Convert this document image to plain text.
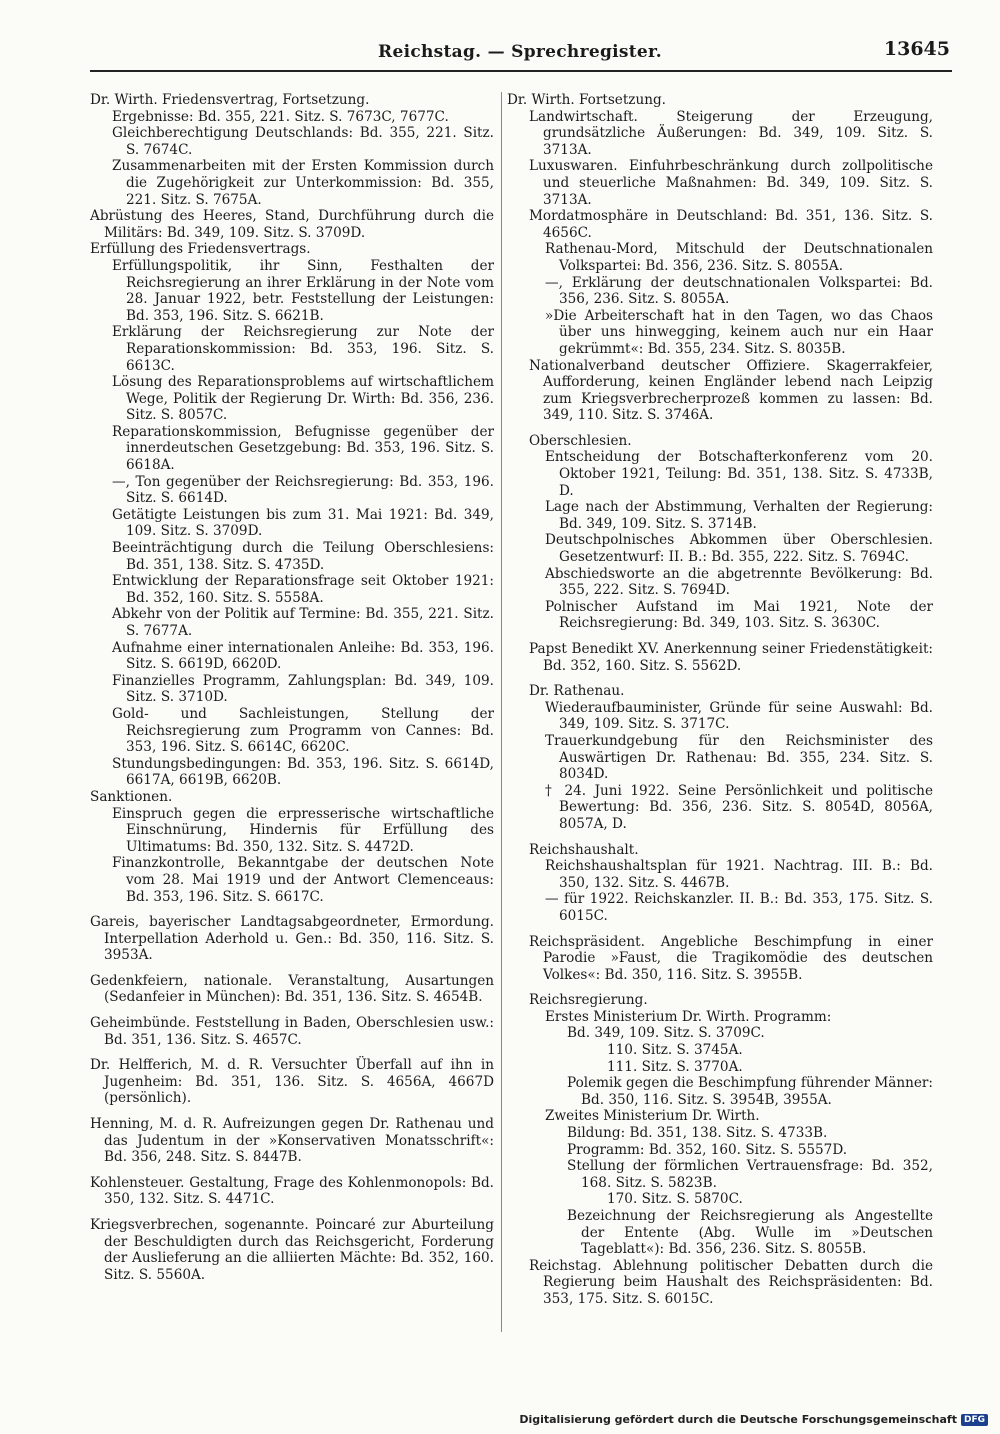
Reichstag. — Sprechregister.	13645
Dr. Wirth. Friedensvertrag, Fortsetzung.
Ergebnisse: Bd. 355, 221. Sitz. S. 7673C, 7677C.
Gleichberechtigung Deutschlands: Bd. 355, 221. Sitz. S. 7674C.
Zusammenarbeiten mit der Ersten Kommission durch die Zugehörigkeit zur Unterkommission: Bd. 355, 221. Sitz. S. 7675A.
Abrüstung des Heeres, Stand, Durchführung durch die Militärs: Bd. 349, 109. Sitz. S. 3709D.
Erfüllung des Friedensvertrags.
Erfüllungspolitik, ihr Sinn, Festhalten der Reichsregierung an ihrer Erklärung in der Note vom 28. Januar 1922, betr. Feststellung der Leistungen: Bd. 353, 196. Sitz. S. 6621B.
Erklärung der Reichsregierung zur Note der Reparationskommission: Bd. 353, 196. Sitz. S. 6613C.
Lösung des Reparationsproblems auf wirtschaftlichem Wege, Politik der Regierung Dr. Wirth: Bd. 356, 236. Sitz. S. 8057C.
Reparationskommission, Befugnisse gegenüber der innerdeutschen Gesetzgebung: Bd. 353, 196. Sitz. S. 6618A.
—, Ton gegenüber der Reichsregierung: Bd. 353, 196. Sitz. S. 6614D.
Getätigte Leistungen bis zum 31. Mai 1921: Bd. 349, 109. Sitz. S. 3709D.
Beeinträchtigung durch die Teilung Oberschlesiens: Bd. 351, 138. Sitz. S. 4735D.
Entwicklung der Reparationsfrage seit Oktober 1921: Bd. 352, 160. Sitz. S. 5558A.
Abkehr von der Politik auf Termine: Bd. 355, 221. Sitz. S. 7677A.
Aufnahme einer internationalen Anleihe: Bd. 353, 196. Sitz. S. 6619D, 6620D.
Finanzielles Programm, Zahlungsplan: Bd. 349, 109. Sitz. S. 3710D.
Gold- und Sachleistungen, Stellung der Reichsregierung zum Programm von Cannes: Bd. 353, 196. Sitz. S. 6614C, 6620C.
Stundungsbedingungen: Bd. 353, 196. Sitz. S. 6614D, 6617A, 6619B, 6620B.
Sanktionen.
Einspruch gegen die erpresserische wirtschaftliche Einschnürung, Hindernis für Erfüllung des Ultimatums: Bd. 350, 132. Sitz. S. 4472D.
Finanzkontrolle, Bekanntgabe der deutschen Note vom 28. Mai 1919 und der Antwort Clemenceaus: Bd. 353, 196. Sitz. S. 6617C.
Gareis, bayerischer Landtagsabgeordneter, Ermordung. Interpellation Aderhold u. Gen.: Bd. 350, 116. Sitz. S. 3953A.
Gedenkfeiern, nationale. Veranstaltung, Ausartungen (Sedanfeier in München): Bd. 351, 136. Sitz. S. 4654B.
Geheimbünde. Feststellung in Baden, Oberschlesien usw.: Bd. 351, 136. Sitz. S. 4657C.
Dr. Helfferich, M. d. R. Versuchter Überfall auf ihn in Jugenheim: Bd. 351, 136. Sitz. S. 4656A, 4667D (persönlich).
Henning, M. d. R. Aufreizungen gegen Dr. Rathenau und das Judentum in der »Konservativen Monatsschrift«: Bd. 356, 248. Sitz. S. 8447B.
Kohlensteuer. Gestaltung, Frage des Kohlenmonopols: Bd. 350, 132. Sitz. S. 4471C.
Kriegsverbrechen, sogenannte. Poincaré zur Aburteilung der Beschuldigten durch das Reichsgericht, Forderung der Auslieferung an die alliierten Mächte: Bd. 352, 160. Sitz. S. 5560A.
Dr. Wirth. Fortsetzung.
Landwirtschaft. Steigerung der Erzeugung, grundsätzliche Äußerungen: Bd. 349, 109. Sitz. S. 3713A.
Luxuswaren. Einfuhrbeschränkung durch zollpolitische und steuerliche Maßnahmen: Bd. 349, 109. Sitz. S. 3713A.
Mordatmosphäre in Deutschland: Bd. 351, 136. Sitz. S. 4656C.
Rathenau-Mord, Mitschuld der Deutschnationalen Volkspartei: Bd. 356, 236. Sitz. S. 8055A.
—, Erklärung der deutschnationalen Volkspartei: Bd. 356, 236. Sitz. S. 8055A.
»Die Arbeiterschaft hat in den Tagen, wo das Chaos über uns hinwegging, keinem auch nur ein Haar gekrümmt«: Bd. 355, 234. Sitz. S. 8035B.
Nationalverband deutscher Offiziere. Skagerrakfeier, Aufforderung, keinen Engländer lebend nach Leipzig zum Kriegsverbrecherprozeß kommen zu lassen: Bd. 349, 110. Sitz. S. 3746A.
Oberschlesien.
Entscheidung der Botschafterkonferenz vom 20. Oktober 1921, Teilung: Bd. 351, 138. Sitz. S. 4733B, D.
Lage nach der Abstimmung, Verhalten der Regierung: Bd. 349, 109. Sitz. S. 3714B.
Deutschpolnisches Abkommen über Oberschlesien. Gesetzentwurf: II. B.: Bd. 355, 222. Sitz. S. 7694C.
Abschiedsworte an die abgetrennte Bevölkerung: Bd. 355, 222. Sitz. S. 7694D.
Polnischer Aufstand im Mai 1921, Note der Reichsregierung: Bd. 349, 103. Sitz. S. 3630C.
Papst Benedikt XV. Anerkennung seiner Friedenstätigkeit: Bd. 352, 160. Sitz. S. 5562D.
Dr. Rathenau.
Wiederaufbauminister, Gründe für seine Auswahl: Bd. 349, 109. Sitz. S. 3717C.
Trauerkundgebung für den Reichsminister des Auswärtigen Dr. Rathenau: Bd. 355, 234. Sitz. S. 8034D.
† 24. Juni 1922. Seine Persönlichkeit und politische Bewertung: Bd. 356, 236. Sitz. S. 8054D, 8056A, 8057A, D.
Reichshaushalt.
Reichshaushaltsplan für 1921. Nachtrag. III. B.: Bd. 350, 132. Sitz. S. 4467B.
— für 1922. Reichskanzler. II. B.: Bd. 353, 175. Sitz. S. 6015C.
Reichspräsident. Angebliche Beschimpfung in einer Parodie »Faust, die Tragikomödie des deutschen Volkes«: Bd. 350, 116. Sitz. S. 3955B.
Reichsregierung.
Erstes Ministerium Dr. Wirth. Programm:
Bd. 349, 109. Sitz. S. 3709C.
110. Sitz. S. 3745A.
111. Sitz. S. 3770A.
Polemik gegen die Beschimpfung führender Männer: Bd. 350, 116. Sitz. S. 3954B, 3955A.
Zweites Ministerium Dr. Wirth.
Bildung: Bd. 351, 138. Sitz. S. 4733B.
Programm: Bd. 352, 160. Sitz. S. 5557D.
Stellung der förmlichen Vertrauensfrage: Bd. 352, 168. Sitz. S. 5823B.
170. Sitz. S. 5870C.
Bezeichnung der Reichsregierung als Angestellte der Entente (Abg. Wulle im »Deutschen Tageblatt«): Bd. 356, 236. Sitz. S. 8055B.
Reichstag. Ablehnung politischer Debatten durch die Regierung beim Haushalt des Reichspräsidenten: Bd. 353, 175. Sitz. S. 6015C.
Digitalisierung gefördert durch die Deutsche Forschungsgemeinschaft DFG
